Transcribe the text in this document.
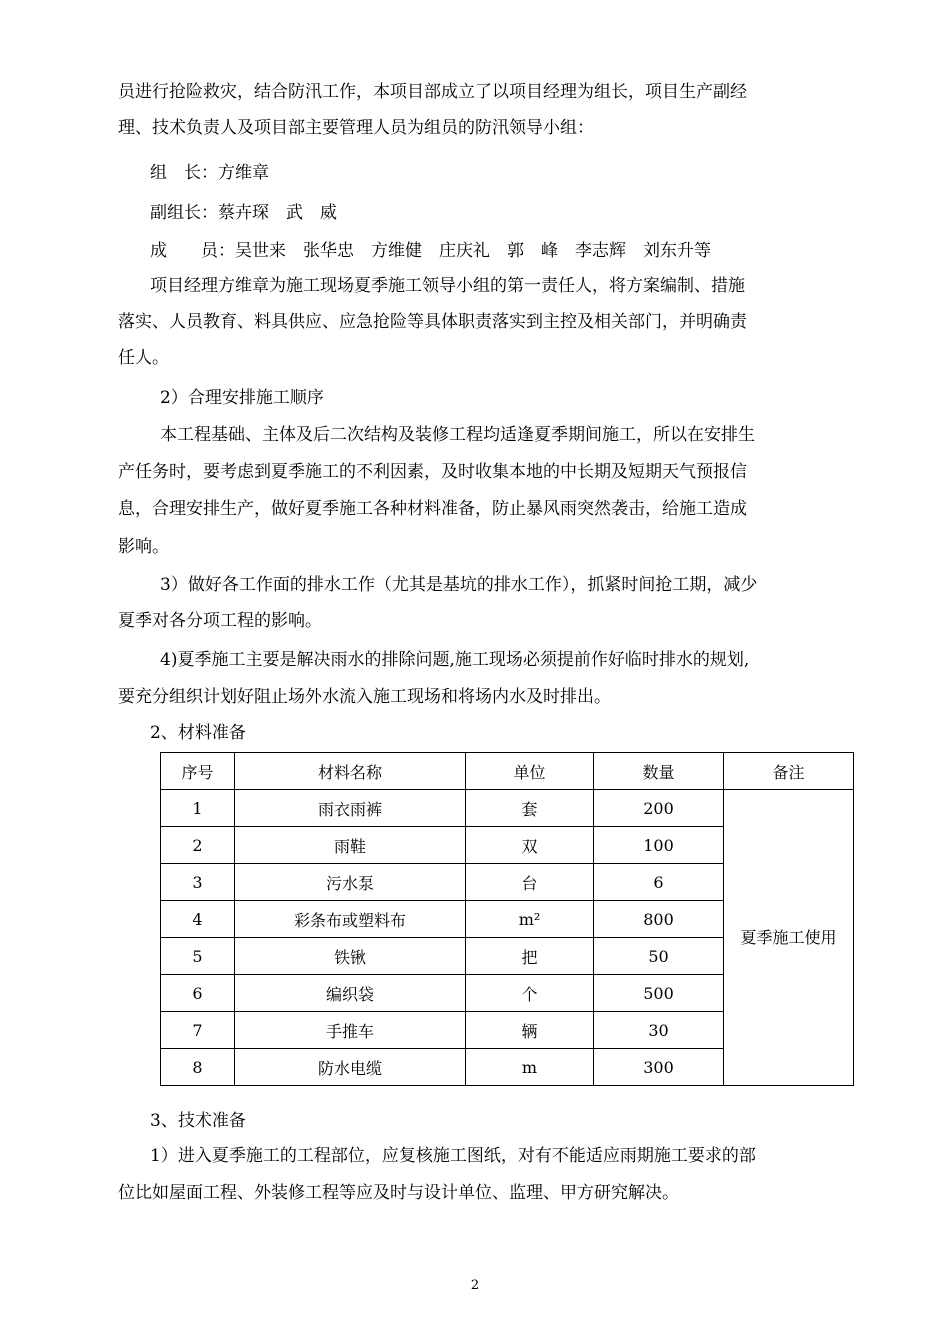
员进行抢险救灾，结合防汛工作，本项目部成立了以项目经理为组长，项目生产副经
理、技术负责人及项目部主要管理人员为组员的防汛领导小组：
组　长：方维章
副组长：蔡卉琛　武　威
成　　员：吴世来　张华忠　方维健　庄庆礼　郭　峰　李志辉　刘东升等
项目经理方维章为施工现场夏季施工领导小组的第一责任人，将方案编制、措施
落实、人员教育、料具供应、应急抢险等具体职责落实到主控及相关部门，并明确责
任人。
2）合理安排施工顺序
本工程基础、主体及后二次结构及装修工程均适逢夏季期间施工，所以在安排生
产任务时，要考虑到夏季施工的不利因素，及时收集本地的中长期及短期天气预报信
息，合理安排生产，做好夏季施工各种材料准备，防止暴风雨突然袭击，给施工造成
影响。
3）做好各工作面的排水工作（尤其是基坑的排水工作），抓紧时间抢工期，减少
夏季对各分项工程的影响。
4)夏季施工主要是解决雨水的排除问题,施工现场必须提前作好临时排水的规划,
要充分组织计划好阻止场外水流入施工现场和将场内水及时排出。
2、材料准备
序号	材料名称	单位	数量	备注
1	雨衣雨裤	套	200	夏季施工使用
2	雨鞋	双	100	
3	污水泵	台	6	
4	彩条布或塑料布	m²	800	
5	铁锹	把	50	
6	编织袋	个	500	
7	手推车	辆	30	
8	防水电缆	m	300	
3、技术准备
1）进入夏季施工的工程部位，应复核施工图纸，对有不能适应雨期施工要求的部
位比如屋面工程、外装修工程等应及时与设计单位、监理、甲方研究解决。
2
